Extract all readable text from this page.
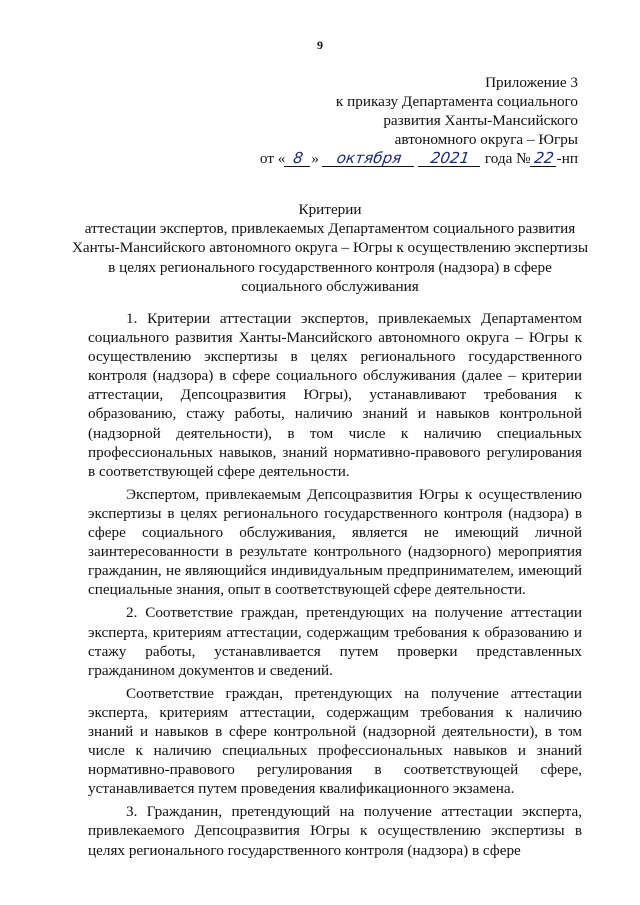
9
Приложение 3
к приказу Департамента социального
развития Ханты-Мансийского
автономного округа – Югры
от « 8 » октября 2021 года № 22 -нп
Критерии
аттестации экспертов, привлекаемых Департаментом социального развития Ханты-Мансийского автономного округа – Югры к осуществлению экспертизы в целях регионального государственного контроля (надзора) в сфере социального обслуживания

1. Критерии аттестации экспертов, привлекаемых Департаментом социального развития Ханты-Мансийского автономного округа – Югры к осуществлению экспертизы в целях регионального государственного контроля (надзора) в сфере социального обслуживания (далее – критерии аттестации, Депсоцразвития Югры), устанавливают требования к образованию, стажу работы, наличию знаний и навыков контрольной (надзорной деятельности), в том числе к наличию специальных профессиональных навыков, знаний нормативно-правового регулирования в соответствующей сфере деятельности.

Экспертом, привлекаемым Депсоцразвития Югры к осуществлению экспертизы в целях регионального государственного контроля (надзора) в сфере социального обслуживания, является не имеющий личной заинтересованности в результате контрольного (надзорного) мероприятия гражданин, не являющийся индивидуальным предпринимателем, имеющий специальные знания, опыт в соответствующей сфере деятельности.

2. Соответствие граждан, претендующих на получение аттестации эксперта, критериям аттестации, содержащим требования к образованию и стажу работы, устанавливается путем проверки представленных гражданином документов и сведений.

Соответствие граждан, претендующих на получение аттестации эксперта, критериям аттестации, содержащим требования к наличию знаний и навыков в сфере контрольной (надзорной деятельности), в том числе к наличию специальных профессиональных навыков и знаний нормативно-правового регулирования в соответствующей сфере, устанавливается путем проведения квалификационного экзамена.

3. Гражданин, претендующий на получение аттестации эксперта, привлекаемого Депсоцразвития Югры к осуществлению экспертизы в целях регионального государственного контроля (надзора) в сфере
